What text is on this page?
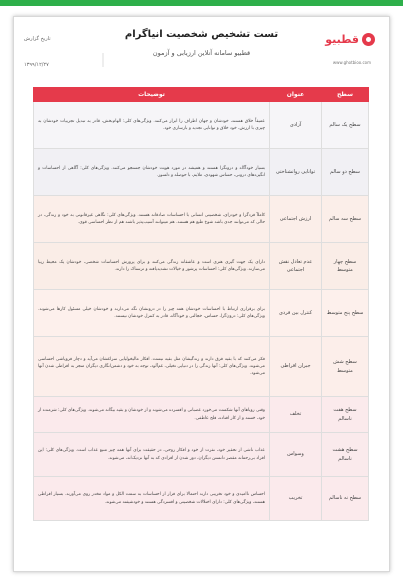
قطبیو
www.ghotbioo.com
تست تشخیص شخصیت انیاگرام
قطبیو سامانه آنلاین ارزیابی و آزمون
تاریخ گزارش
۱۳۹۹/۱۲/۲۷
سطح	عنوان	توضیحات
سطح یک سالم	آزادی	عمیقاً خلاق هستند، خودشان و جهان اطراف را ابراز می‌کنند. ویژگی‌های کلی: الهام‌بخش، قادر به تبدیل تجربیات خودشان به چیزی با ارزش، خود خلاق و توانایی تجدید و بازسازی خود.
سطح دو سالم	توانایی روانشناختی	بسیار خودآگاه و درونگرا هستند و همیشه در مورد هویت خودشان جستجو می‌کنند. ویژگی‌های کلی: آگاهی از احساسات و انگیزه‌های درونی، حساس شهودی، ملایم، با حوصله و دلسوز.
سطح سه سالم	ارزش اجتماعی	کاملاً فردگرا و خودرای، شخصیتی انسانی با احساسات صادقانه هستند. ویژگی‌های کلی: نگاهی غیرقانونی به خود و زندگی، در حالی که می‌توانند جدی باشد شوخ طبع هم هستند. هم میتوانند آسیب‌پذیر باشند هم از نظر احساسی قوی.
سطح چهار متوسط	عدم تعادل نقش اجتماعی	دارای یک جهت گیری هنری است و عاشقانه زندگی می‌کنند و برای پرورش احساسات شخصی، خودشان یک محیط زیبا می‌سازند. ویژگی‌های کلی: احساسات پرشور و خیالات تشدیدیافته و ترسناک را دارند.
سطح پنج متوسط	کنترل بین فردی	برای برقراری ارتباط با احساسات خودشان همه چیز را در درونشان نگه می‌دارند و خودشان خیلی مسئول کارها می‌شوند. ویژگی‌های کلی: درون‌گرا، حساس، خجالتی و خودآگاه، قادر به کنترل خودشان نیستند.
سطح شش متوسط	جبران افراطی	فکر می‌کنند که با بقیه فرق دارند و زندگیشان مثل بقیه نیست. افکار مالیخولیایی سراغشان می‌آید و دچار فروپاشی احساسی می‌شوند. ویژگی‌های کلی: آنها زندگی را در دنیایی تخیلی، غم‌آلود، توجه به خود و دشمن‌انگاری دیگران منجر به افراطی شدن آنها می‌شود.
سطح هفت ناسالم	تخلف	وقتی رویاهای آنها شکست می‌خورد عصبانی و افسرده می‌شوند و از خودشان و بقیه بیگانه می‌شوند. ویژگی‌های کلی: شرمنده از خود، خسته و از کار افتاده، فلج عاطفی.
سطح هشت ناسالم	وسواس	عذاب ناشی از تحقیر خود، نفرت از خود و افکار روحی، در حقیقت برای آنها همه چیز منبع عذاب است. ویژگی‌های کلی: این افراد بی‌رحمانه مقصر دانستن دیگران، دور شدن از افرادی که به آنها نزدیک‌اند، می‌شوند.
سطح نه ناسالم	تخریب	احساس ناامیدی و خود تخریبی دارند احتمالا برای فرار از احساسات به سمت الکل و مواد مخدر روی می‌آورند. بسیار افراطی هستند، ویژگی‌های کلی: دارای اختلالات شخصیتی و افسردگی هستند و خودشیفته می‌شوند.
